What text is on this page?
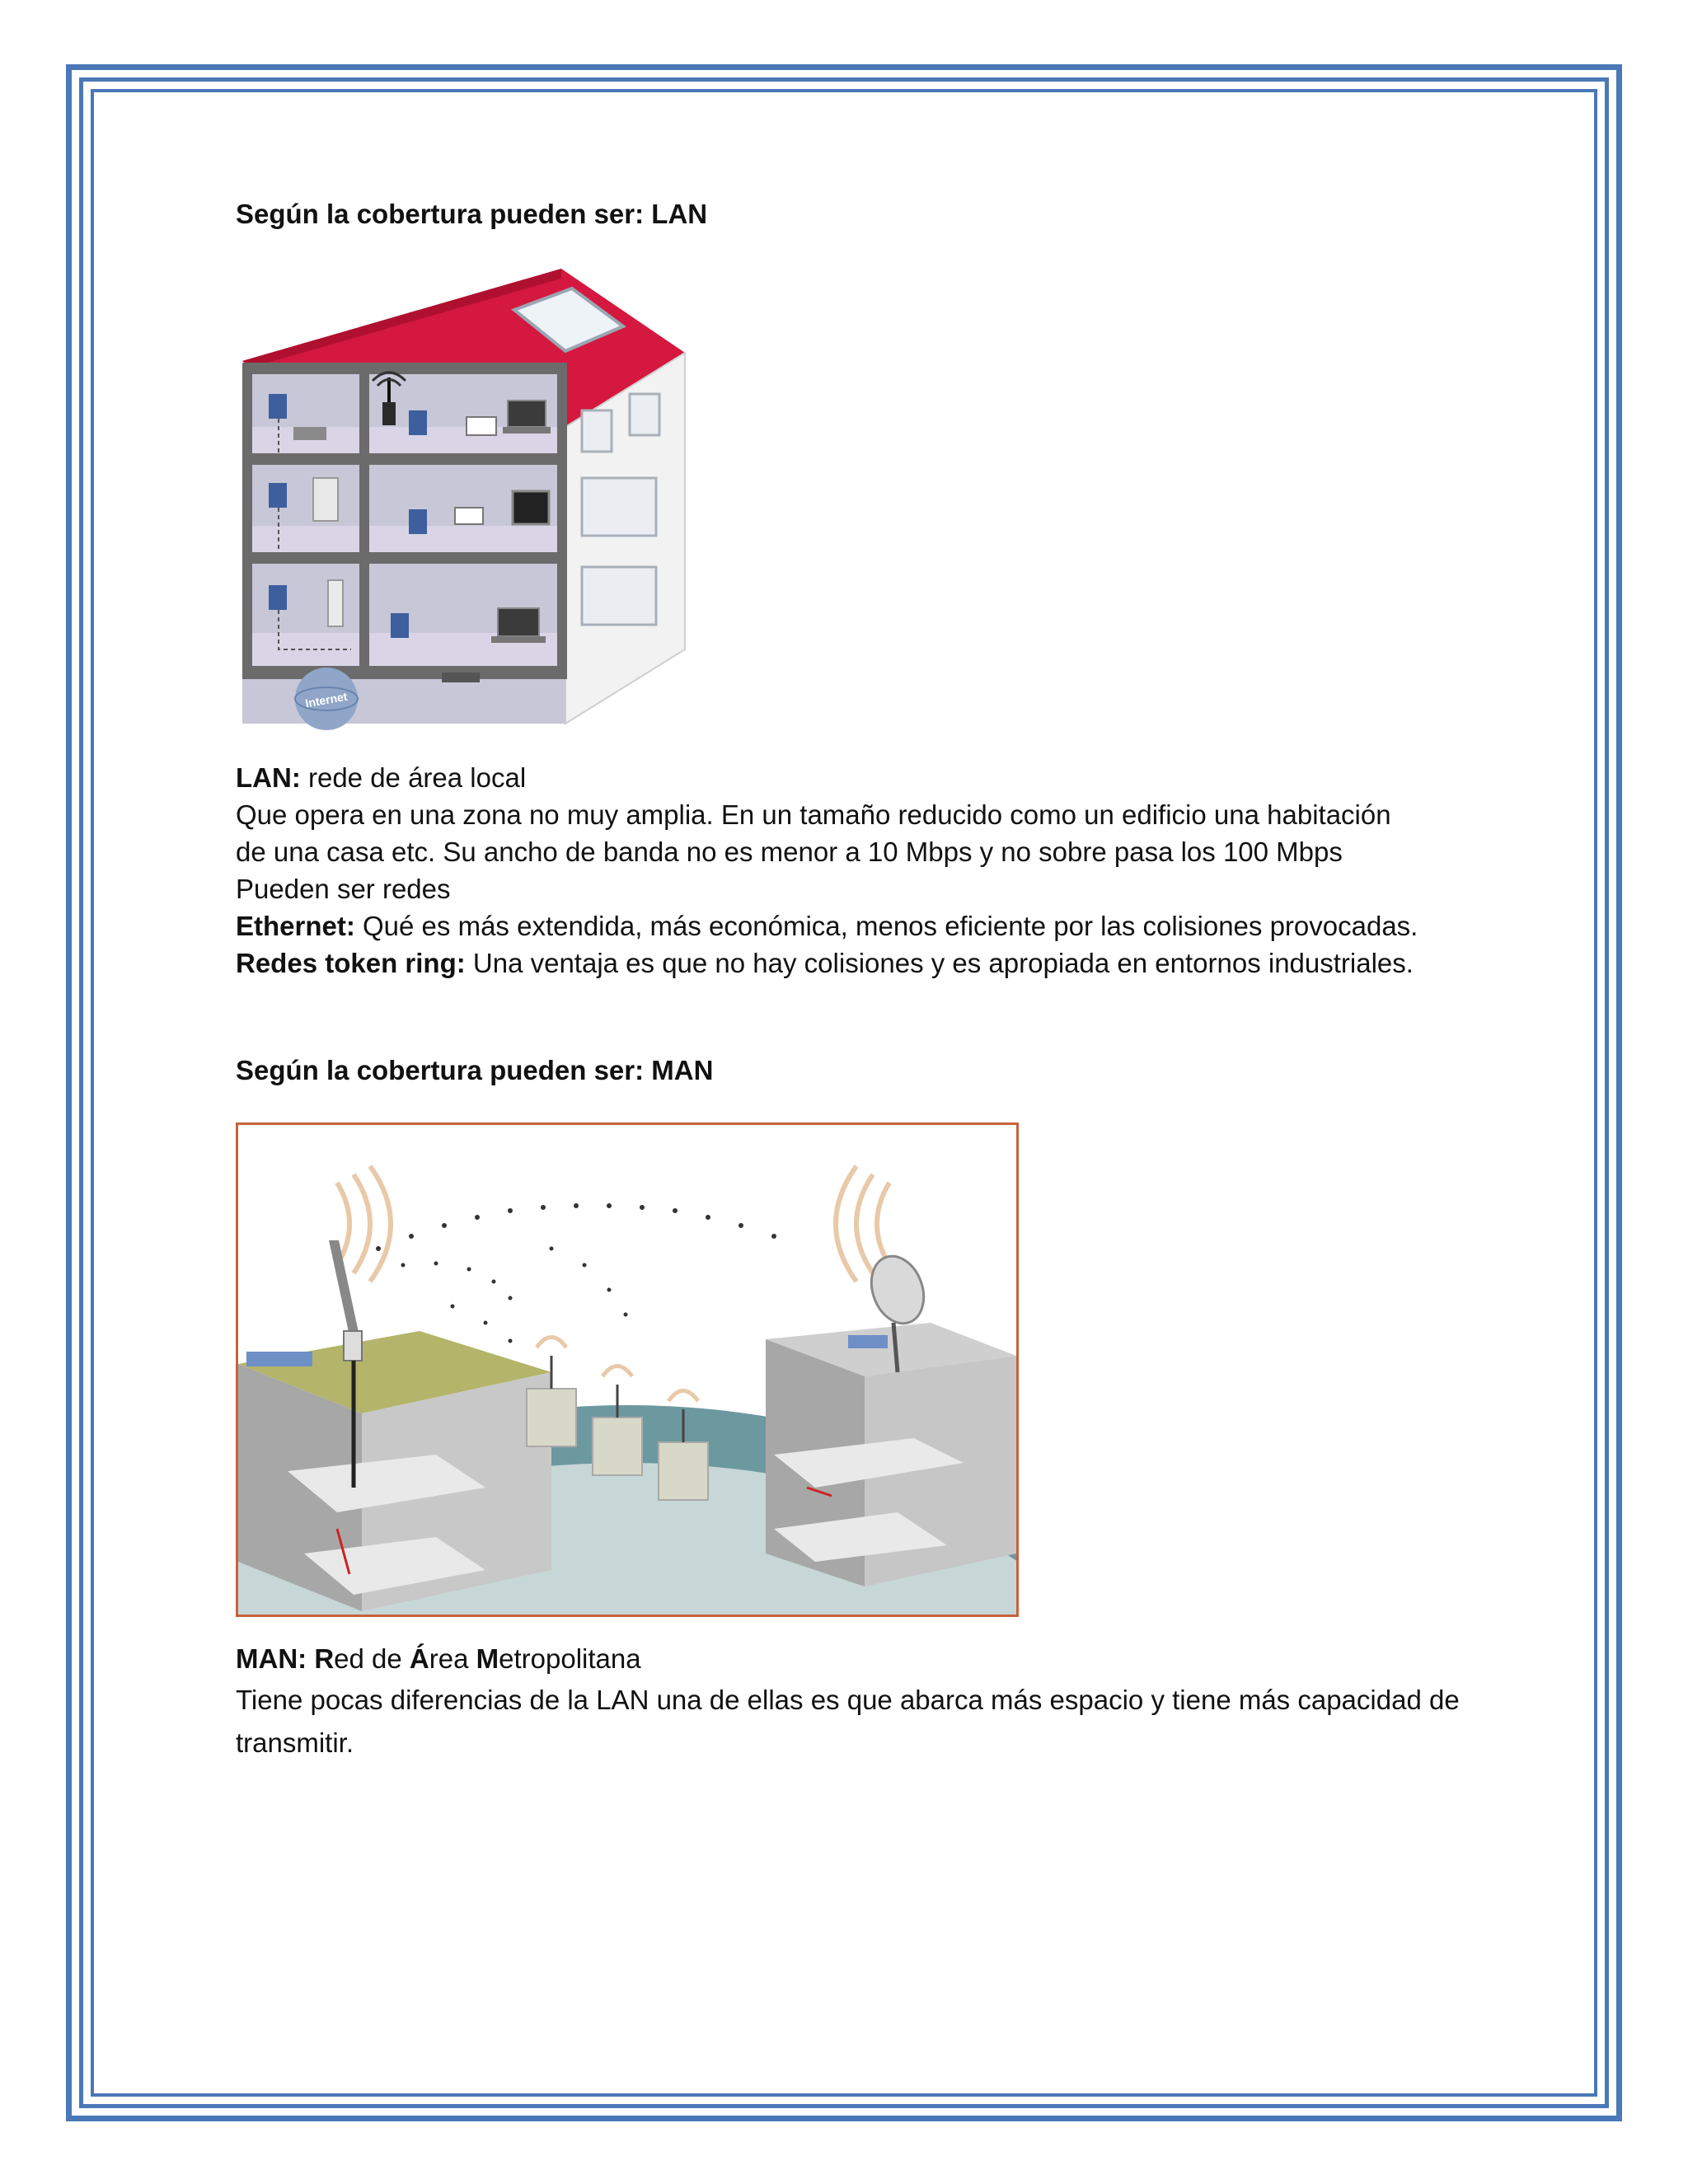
Según la cobertura pueden ser: LAN
Internet
LAN: rede de área local
Que opera en una zona no muy amplia. En un tamaño reducido como un edificio una habitación
de una casa etc. Su ancho de banda no es menor a 10 Mbps y no sobre pasa los 100 Mbps
Pueden ser redes
Ethernet: Qué es más extendida, más económica, menos eficiente por las colisiones provocadas.
Redes token ring: Una ventaja es que no hay colisiones y es apropiada en entornos industriales.
Según la cobertura pueden ser: MAN
MAN: Red de Área Metropolitana
Tiene pocas diferencias de la LAN una de ellas es que abarca más espacio y tiene más capacidad de
transmitir.
